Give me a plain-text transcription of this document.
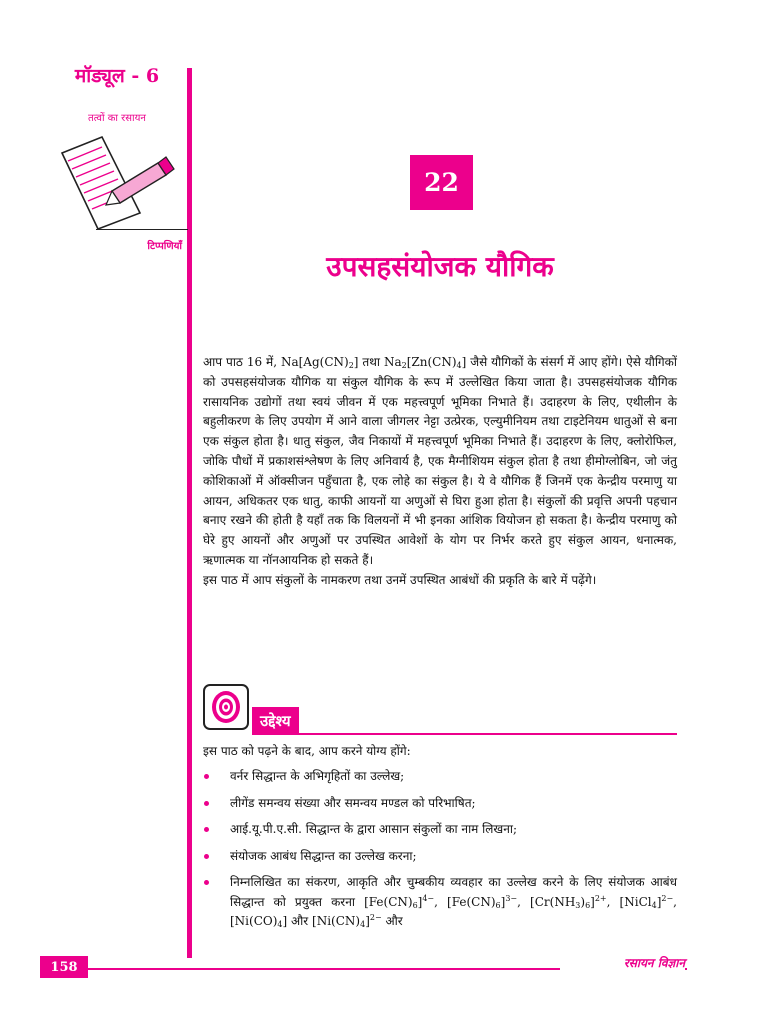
मॉड्यूल - 6
तत्वों का रसायन
टिप्पणियाँ
22
उपसहसंयोजक यौगिक

आप पाठ 16 में, $Na[Ag(CN)_2]$ तथा $Na_2[Zn(CN)_4]$ जैसे यौगिकों के संसर्ग में आए होंगे। ऐसे यौगिकों को उपसहसंयोजक यौगिक या संकुल यौगिक के रूप में उल्लेखित किया जाता है। उपसहसंयोजक यौगिक रासायनिक उद्योगों तथा स्वयं जीवन में एक महत्त्वपूर्ण भूमिका निभाते हैं। उदाहरण के लिए, एथीलीन के बहुलीकरण के लिए उपयोग में आने वाला जीगलर नेट्टा उत्प्रेरक, एल्युमीनियम तथा टाइटेनियम धातुओं से बना एक संकुल होता है। धातु संकुल, जैव निकायों में महत्त्वपूर्ण भूमिका निभाते हैं। उदाहरण के लिए, क्लोरोफिल, जोकि पौधों में प्रकाशसंश्लेषण के लिए अनिवार्य है, एक मैग्नीशियम संकुल होता है तथा हीमोग्लोबिन, जो जंतु कोशिकाओं में ऑक्सीजन पहुँचाता है, एक लोहे का संकुल है। ये वे यौगिक हैं जिनमें एक केन्द्रीय परमाणु या आयन, अधिकतर एक धातु, काफी आयनों या अणुओं से घिरा हुआ होता है। संकुलों की प्रवृत्ति अपनी पहचान बनाए रखने की होती है यहाँ तक कि विलयनों में भी इनका आंशिक वियोजन हो सकता है। केन्द्रीय परमाणु को घेरे हुए आयनों और अणुओं पर उपस्थित आवेशों के योग पर निर्भर करते हुए संकुल आयन, धनात्मक, ऋणात्मक या नॉनआयनिक हो सकते हैं।

इस पाठ में आप संकुलों के नामकरण तथा उनमें उपस्थित आबंधों की प्रकृति के बारे में पढ़ेंगे।

उद्देश्य
इस पाठ को पढ़ने के बाद, आप करने योग्य होंगे:
वर्नर सिद्धान्त के अभिगृहितों का उल्लेख;
लीगेंड समन्वय संख्या और समन्वय मण्डल को परिभाषित;
आई.यू.पी.ए.सी. सिद्धान्त के द्वारा आसान संकुलों का नाम लिखना;
संयोजक आबंध सिद्धान्त का उल्लेख करना;
निम्नलिखित का संकरण, आकृति और चुम्बकीय व्यवहार का उल्लेख करने के लिए संयोजक आबंध सिद्धान्त को प्रयुक्त करना $[Fe(CN)_6]^{4-}$, $[Fe(CN)_6]^{3-}$, $[Cr(NH_3)_6]^{2+}$, [NiCl$_4$]$^{2-}$, $[Ni(CO)_4]$ और $[Ni(CN)_4]^{2-}$ और
158	रसायन विज्ञान
